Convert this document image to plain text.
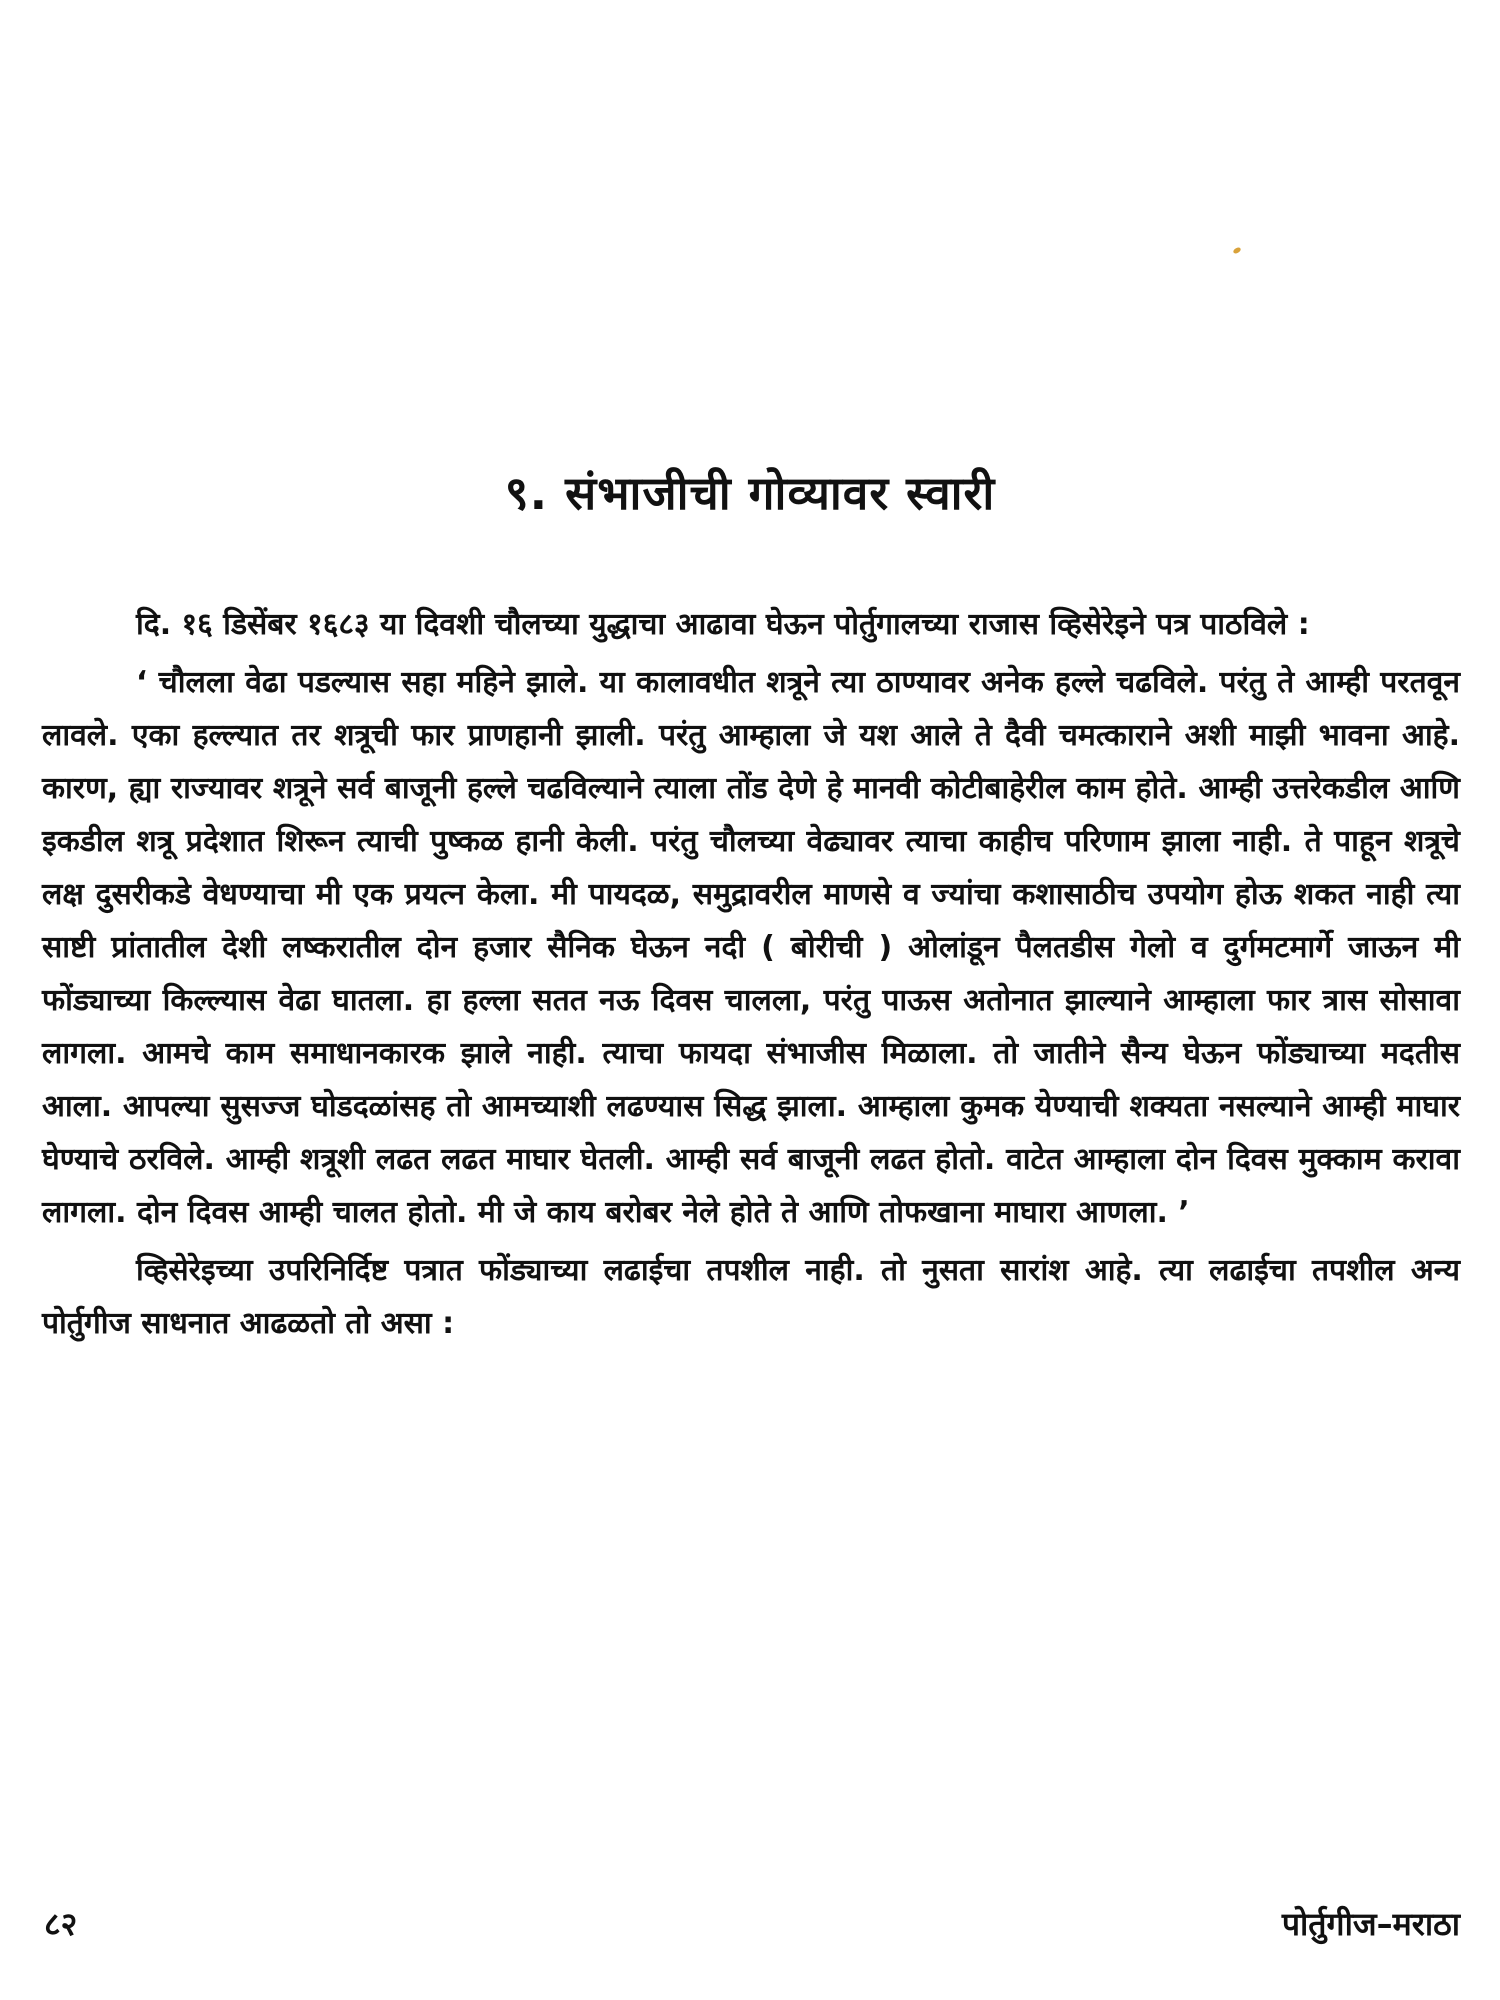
९. संभाजीची गोव्यावर स्वारी

दि. १६ डिसेंबर १६८३ या दिवशी चौलच्या युद्धाचा आढावा घेऊन पोर्तुगालच्या राजास व्हिसेरेइने पत्र पाठविले :

‘ चौलला वेढा पडल्यास सहा महिने झाले. या कालावधीत शत्रूने त्या ठाण्यावर अनेक हल्ले चढविले. परंतु ते आम्ही परतवून लावले. एका हल्ल्यात तर शत्रूची फार प्राणहानी झाली. परंतु आम्हाला जे यश आले ते दैवी चमत्काराने अशी माझी भावना आहे. कारण, ह्या राज्यावर शत्रूने सर्व बाजूनी हल्ले चढविल्याने त्याला तोंड देणे हे मानवी कोटीबाहेरील काम होते. आम्ही उत्तरेकडील आणि इकडील शत्रू प्रदेशात शिरून त्याची पुष्कळ हानी केली. परंतु चौलच्या वेढ्यावर त्याचा काहीच परिणाम झाला नाही. ते पाहून शत्रूचे लक्ष दुसरीकडे वेधण्याचा मी एक प्रयत्न केला. मी पायदळ, समुद्रावरील माणसे व ज्यांचा कशासाठीच उपयोग होऊ शकत नाही त्या साष्टी प्रांतातील देशी लष्करातील दोन हजार सैनिक घेऊन नदी ( बोरीची ) ओलांडून पैलतडीस गेलो व दुर्गमटमार्गे जाऊन मी फोंड्याच्या किल्ल्यास वेढा घातला. हा हल्ला सतत नऊ दिवस चालला, परंतु पाऊस अतोनात झाल्याने आम्हाला फार त्रास सोसावा लागला. आमचे काम समाधानकारक झाले नाही. त्याचा फायदा संभाजीस मिळाला. तो जातीने सैन्य घेऊन फोंड्याच्या मदतीस आला. आपल्या सुसज्ज घोडदळांसह तो आमच्याशी लढण्यास सिद्ध झाला. आम्हाला कुमक येण्याची शक्यता नसल्याने आम्ही माघार घेण्याचे ठरविले. आम्ही शत्रूशी लढत लढत माघार घेतली. आम्ही सर्व बाजूनी लढत होतो. वाटेत आम्हाला दोन दिवस मुक्काम करावा लागला. दोन दिवस आम्ही चालत होतो. मी जे काय बरोबर नेले होते ते आणि तोफखाना माघारा आणला. ’

व्हिसेरेइच्या उपरिनिर्दिष्ट पत्रात फोंड्याच्या लढाईचा तपशील नाही. तो नुसता सारांश आहे. त्या लढाईचा तपशील अन्य पोर्तुगीज साधनात आढळतो तो असा :

८२	पोर्तुगीज–मराठा
